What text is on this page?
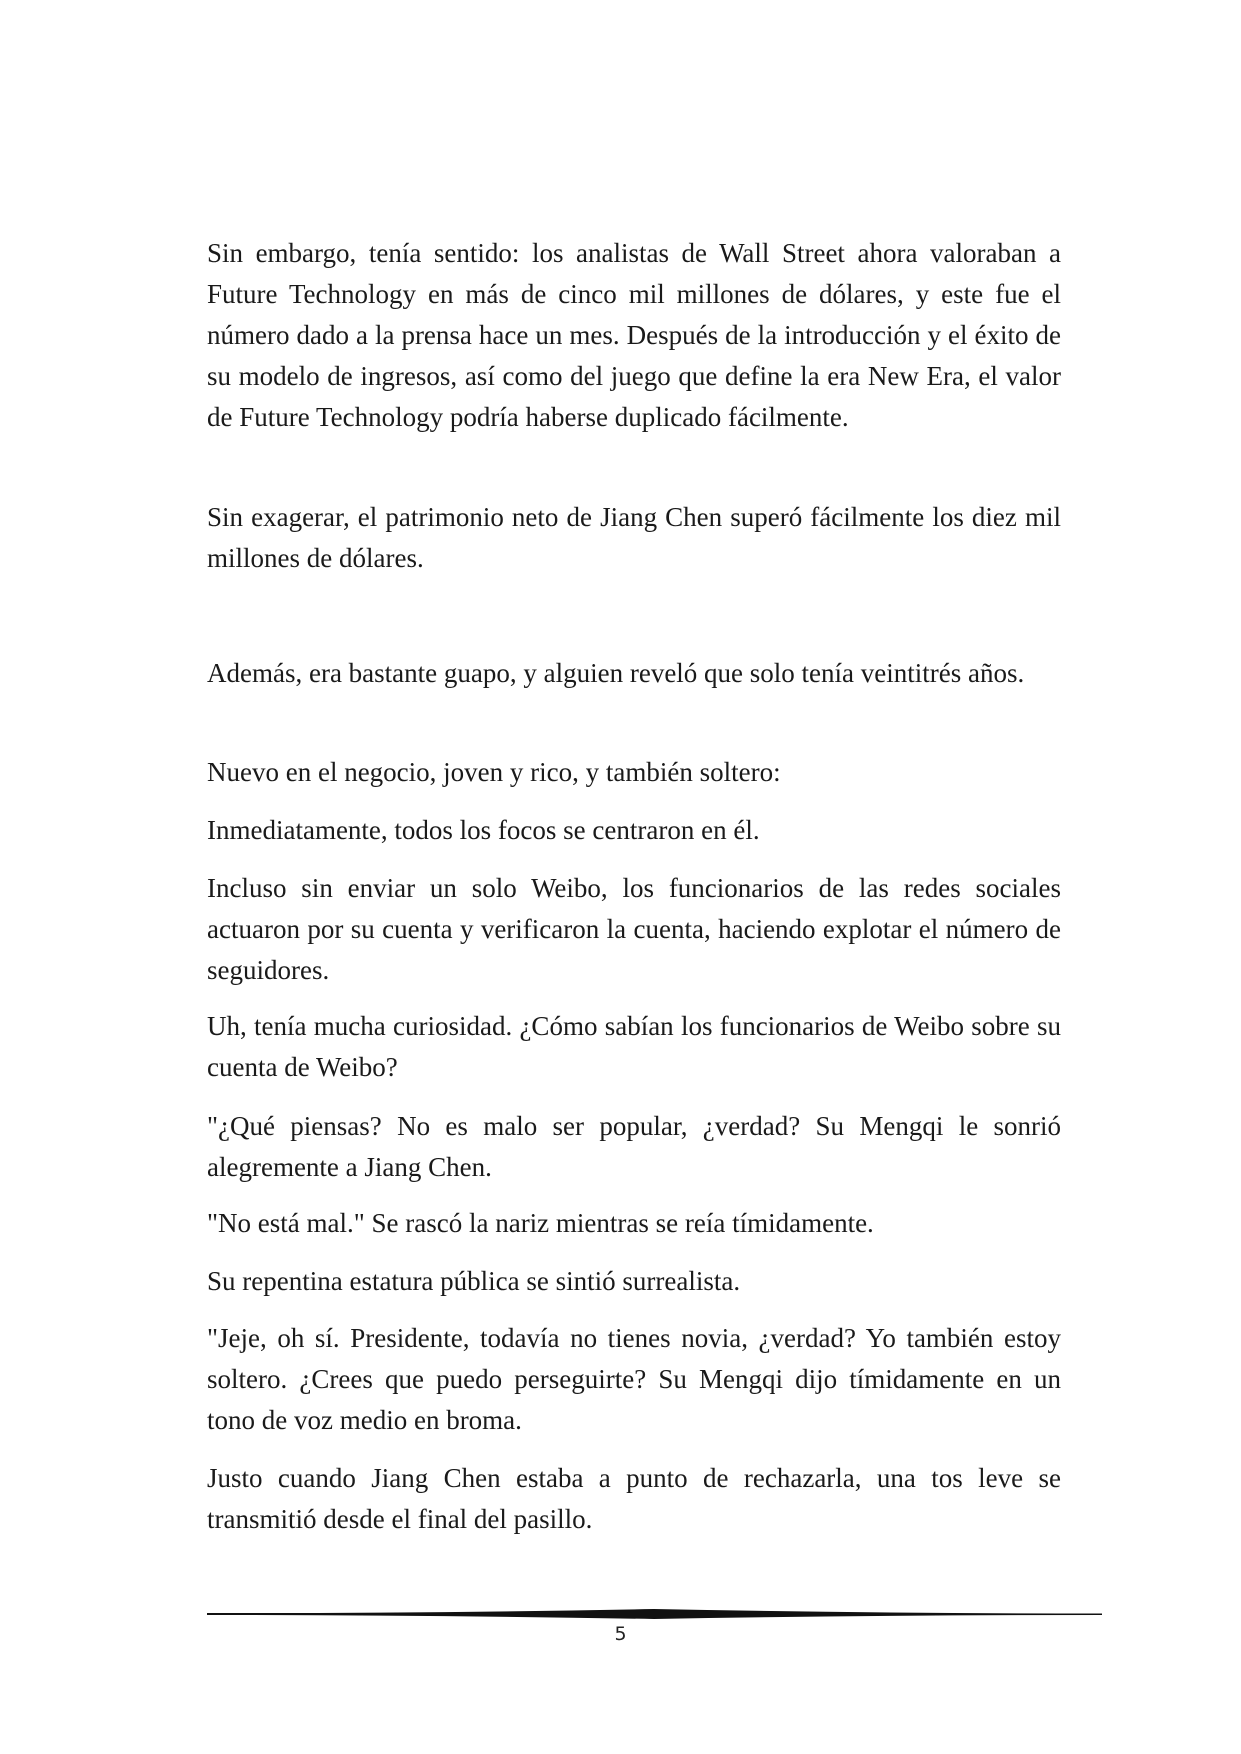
Sin embargo, tenía sentido: los analistas de Wall Street ahora valoraban a Future Technology en más de cinco mil millones de dólares, y este fue el número dado a la prensa hace un mes. Después de la introducción y el éxito de su modelo de ingresos, así como del juego que define la era New Era, el valor de Future Technology podría haberse duplicado fácilmente.

Sin exagerar, el patrimonio neto de Jiang Chen superó fácilmente los diez mil millones de dólares.

Además, era bastante guapo, y alguien reveló que solo tenía veintitrés años.

Nuevo en el negocio, joven y rico, y también soltero:

Inmediatamente, todos los focos se centraron en él.

Incluso sin enviar un solo Weibo, los funcionarios de las redes sociales actuaron por su cuenta y verificaron la cuenta, haciendo explotar el número de seguidores.

Uh, tenía mucha curiosidad. ¿Cómo sabían los funcionarios de Weibo sobre su cuenta de Weibo?

"¿Qué piensas? No es malo ser popular, ¿verdad? Su Mengqi le sonrió alegremente a Jiang Chen.

"No está mal." Se rascó la nariz mientras se reía tímidamente.

Su repentina estatura pública se sintió surrealista.

"Jeje, oh sí. Presidente, todavía no tienes novia, ¿verdad? Yo también estoy soltero. ¿Crees que puedo perseguirte? Su Mengqi dijo tímidamente en un tono de voz medio en broma.

Justo cuando Jiang Chen estaba a punto de rechazarla, una tos leve se transmitió desde el final del pasillo.

5
